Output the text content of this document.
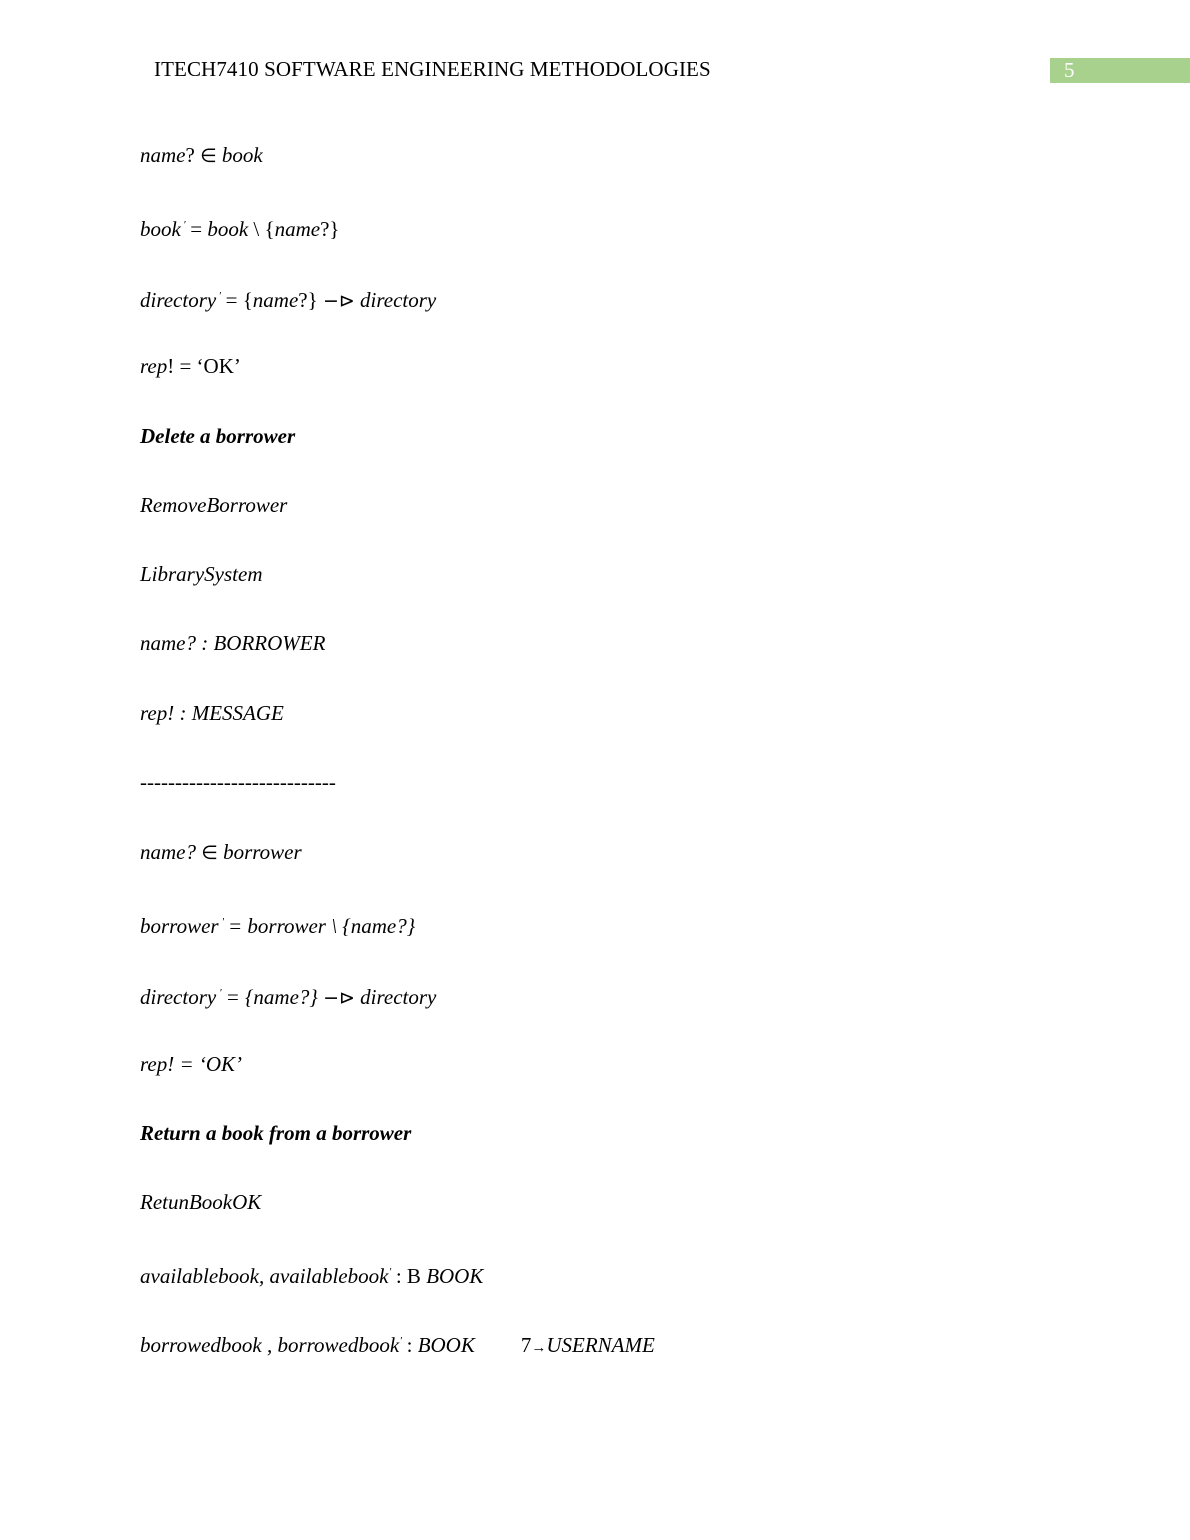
ITECH7410 SOFTWARE ENGINEERING METHODOLOGIES	5
name? ∈ book
book ′ = book \ {name?}
directory ′ = {name?} −⊳ directory
rep! = ‘OK’
Delete a borrower
RemoveBorrower
LibrarySystem
name? : BORROWER
rep! : MESSAGE
----------------------------
name? ∈ borrower
borrower ′ = borrower \ {name?}
directory ′ = {name?} −⊳ directory
rep! = ‘OK’
Return a book from a borrower
RetunBookOK
availablebook, availablebook′ : B BOOK
borrowedbook , borrowedbook′ : BOOK 7→USERNAME
